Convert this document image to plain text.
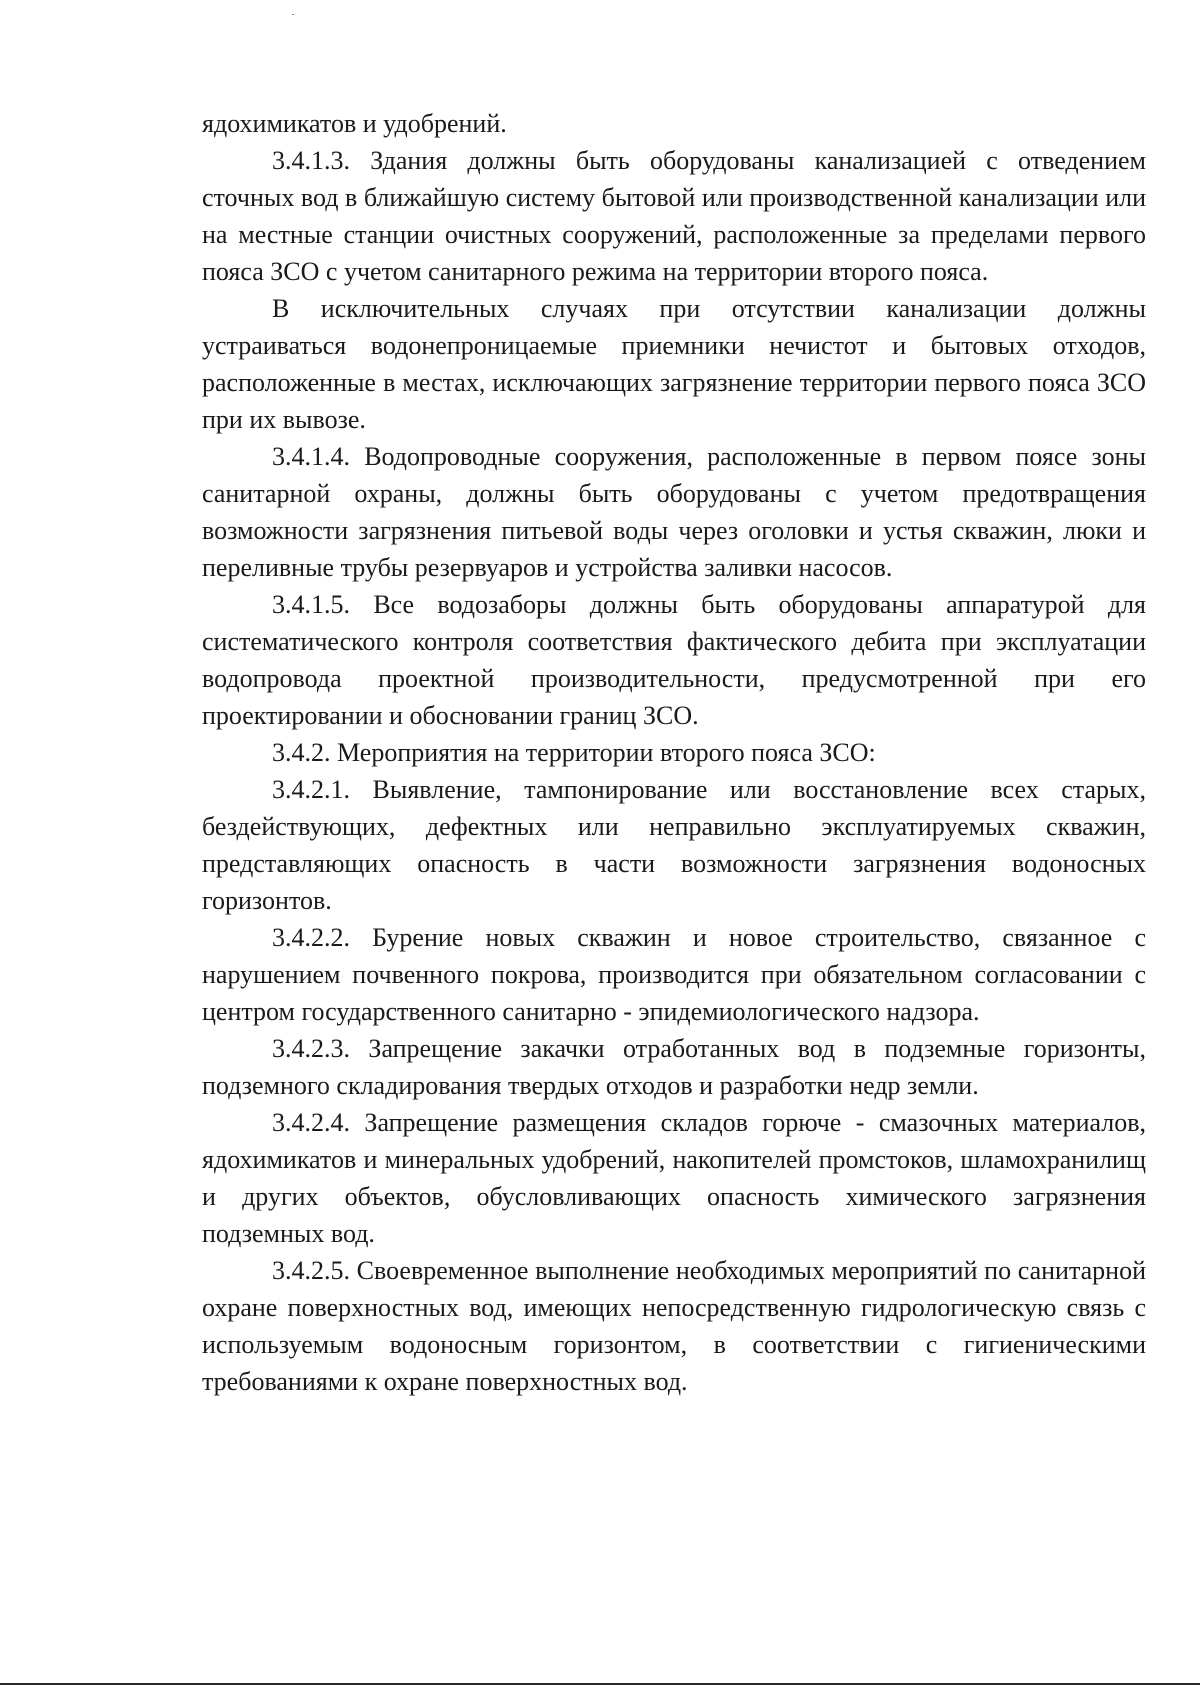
ядохимикатов и удобрений.

3.4.1.3. Здания должны быть оборудованы канализацией с отведением сточных вод в ближайшую систему бытовой или производственной канализации или на местные станции очистных сооружений, расположенные за пределами первого пояса ЗСО с учетом санитарного режима на территории второго пояса.

В исключительных случаях при отсутствии канализации должны устраиваться водонепроницаемые приемники нечистот и бытовых отходов, расположенные в местах, исключающих загрязнение территории первого пояса ЗСО при их вывозе.

3.4.1.4. Водопроводные сооружения, расположенные в первом поясе зоны санитарной охраны, должны быть оборудованы с учетом предотвращения возможности загрязнения питьевой воды через оголовки и устья скважин, люки и переливные трубы резервуаров и устройства заливки насосов.

3.4.1.5. Все водозаборы должны быть оборудованы аппаратурой для систематического контроля соответствия фактического дебита при эксплуатации водопровода проектной производительности, предусмотренной при его проектировании и обосновании границ ЗСО.

3.4.2. Мероприятия на территории второго пояса ЗСО:

3.4.2.1. Выявление, тампонирование или восстановление всех старых, бездействующих, дефектных или неправильно эксплуатируемых скважин, представляющих опасность в части возможности загрязнения водоносных горизонтов.

3.4.2.2. Бурение новых скважин и новое строительство, связанное с нарушением почвенного покрова, производится при обязательном согласовании с центром государственного санитарно - эпидемиологического надзора.

3.4.2.3. Запрещение закачки отработанных вод в подземные горизонты, подземного складирования твердых отходов и разработки недр земли.

3.4.2.4. Запрещение размещения складов горюче - смазочных материалов, ядохимикатов и минеральных удобрений, накопителей промстоков, шламохранилищ и других объектов, обусловливающих опасность химического загрязнения подземных вод.

3.4.2.5. Своевременное выполнение необходимых мероприятий по санитарной охране поверхностных вод, имеющих непосредственную гидрологическую связь с используемым водоносным горизонтом, в соответствии с гигиеническими требованиями к охране поверхностных вод.
